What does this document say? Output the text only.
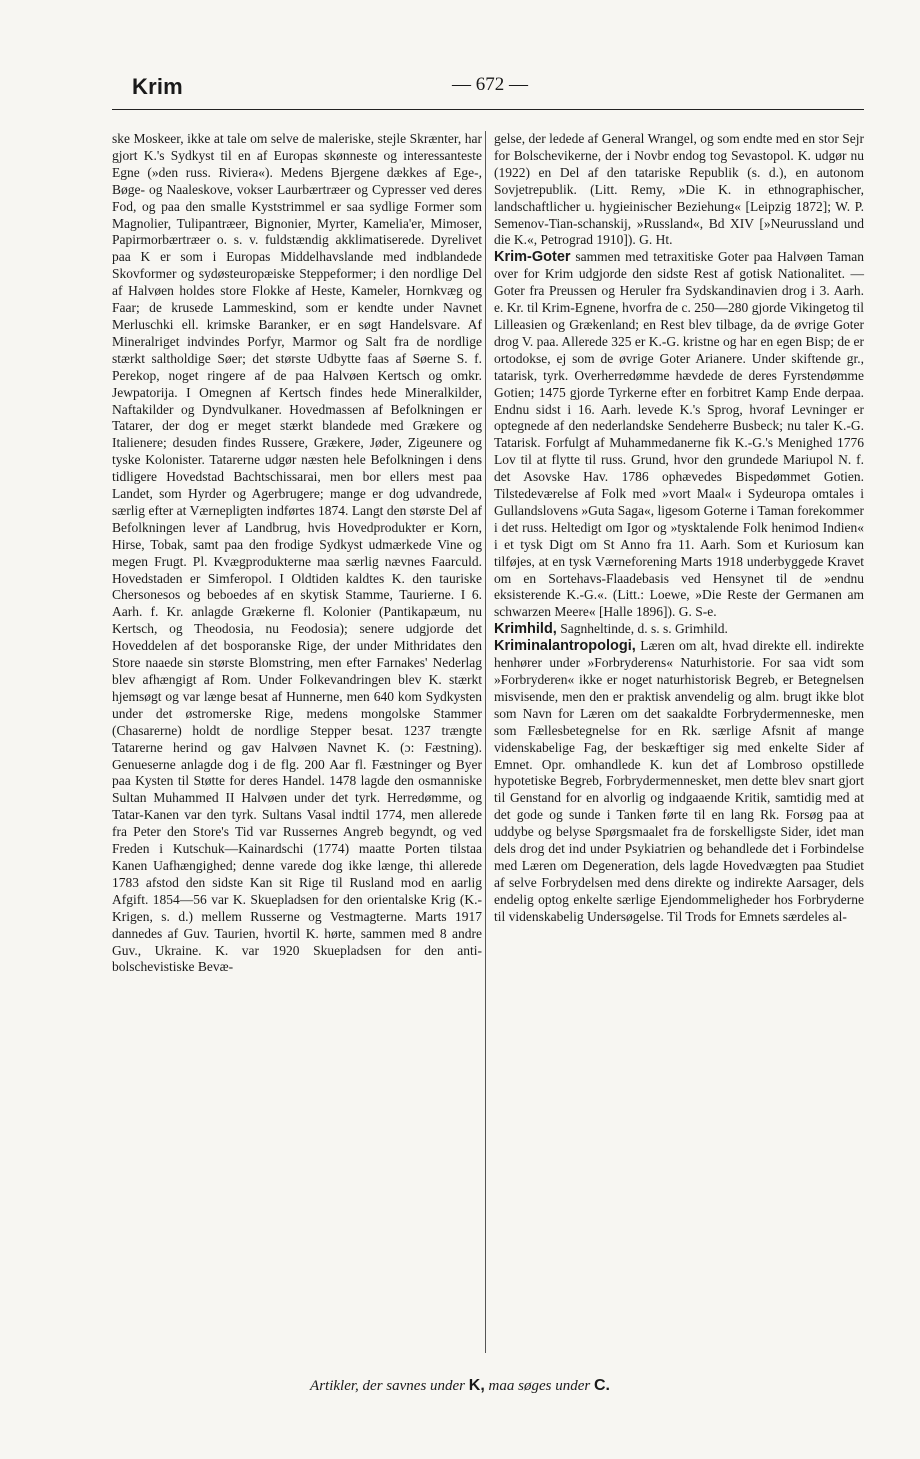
Krim	— 672 —

ske Moskeer, ikke at tale om selve de maleriske, stejle Skrænter, har gjort K.'s Sydkyst til en af Europas skønneste og interessanteste Egne (»den russ. Riviera«). Medens Bjergene dækkes af Ege-, Bøge- og Naaleskove, vokser Laurbærtræer og Cypresser ved deres Fod, og paa den smalle Kyststrimmel er saa sydlige Former som Magnolier, Tulipantræer, Bignonier, Myrter, Kamelia'er, Mimoser, Papirmorbærtræer o. s. v. fuldstændig akklimatiserede. Dyrelivet paa K er som i Europas Middelhavslande med indblandede Skovformer og sydøsteuropæiske Steppeformer; i den nordlige Del af Halvøen holdes store Flokke af Heste, Kameler, Hornkvæg og Faar; de krusede Lammeskind, som er kendte under Navnet Merluschki ell. krimske Baranker, er en søgt Handelsvare. Af Mineralriget indvindes Porfyr, Marmor og Salt fra de nordlige stærkt saltholdige Søer; det største Udbytte faas af Søerne S. f. Perekop, noget ringere af de paa Halvøen Kertsch og omkr. Jewpatorija. I Omegnen af Kertsch findes hede Mineralkilder, Naftakilder og Dyndvulkaner. Hovedmassen af Befolkningen er Tatarer, der dog er meget stærkt blandede med Grækere og Italienere; desuden findes Russere, Grækere, Jøder, Zigeunere og tyske Kolonister. Tatarerne udgør næsten hele Befolkningen i dens tidligere Hovedstad Bachtschissarai, men bor ellers mest paa Landet, som Hyrder og Agerbrugere; mange er dog udvandrede, særlig efter at Værnepligten indførtes 1874. Langt den største Del af Befolkningen lever af Landbrug, hvis Hovedprodukter er Korn, Hirse, Tobak, samt paa den frodige Sydkyst udmærkede Vine og megen Frugt. Pl. Kvægprodukterne maa særlig nævnes Faarculd. Hovedstaden er Simferopol. I Oldtiden kaldtes K. den tauriske Chersonesos og beboedes af en skytisk Stamme, Taurierne. I 6. Aarh. f. Kr. anlagde Grækerne fl. Kolonier (Pantikapæum, nu Kertsch, og Theodosia, nu Feodosia); senere udgjorde det Hoveddelen af det bosporanske Rige, der under Mithridates den Store naaede sin største Blomstring, men efter Farnakes' Nederlag blev afhængigt af Rom. Under Folkevandringen blev K. stærkt hjemsøgt og var længe besat af Hunnerne, men 640 kom Sydkysten under det østromerske Rige, medens mongolske Stammer (Chasarerne) holdt de nordlige Stepper besat. 1237 trængte Tatarerne herind og gav Halvøen Navnet K. (ɔ: Fæstning). Genueserne anlagde dog i de flg. 200 Aar fl. Fæstninger og Byer paa Kysten til Støtte for deres Handel. 1478 lagde den osmanniske Sultan Muhammed II Halvøen under det tyrk. Herredømme, og Tatar-Kanen var den tyrk. Sultans Vasal indtil 1774, men allerede fra Peter den Store's Tid var Russernes Angreb begyndt, og ved Freden i Kutschuk—Kainardschi (1774) maatte Porten tilstaa Kanen Uafhængighed; denne varede dog ikke længe, thi allerede 1783 afstod den sidste Kan sit Rige til Rusland mod en aarlig Afgift. 1854—56 var K. Skuepladsen for den orientalske Krig (K.-Krigen, s. d.) mellem Russerne og Vestmagterne. Marts 1917 dannedes af Guv. Taurien, hvortil K. hørte, sammen med 8 andre Guv., Ukraine. K. var 1920 Skuepladsen for den anti-bolschevistiske Bevæ-

gelse, der ledede af General Wrangel, og som endte med en stor Sejr for Bolschevikerne, der i Novbr endog tog Sevastopol. K. udgør nu (1922) en Del af den tatariske Republik (s. d.), en autonom Sovjetrepublik. (Litt. Remy, »Die K. in ethnographischer, landschaftlicher u. hygieinischer Beziehung« [Leipzig 1872]; W. P. Semenov-Tian-schanskij, »Russland«, Bd XIV [»Neurussland und die K.«, Petrograd 1910]). G. Ht.

Krim-Goter sammen med tetraxitiske Goter paa Halvøen Taman over for Krim udgjorde den sidste Rest af gotisk Nationalitet. — Goter fra Preussen og Heruler fra Sydskandinavien drog i 3. Aarh. e. Kr. til Krim-Egnene, hvorfra de c. 250—280 gjorde Vikingetog til Lilleasien og Grækenland; en Rest blev tilbage, da de øvrige Goter drog V. paa. Allerede 325 er K.-G. kristne og har en egen Bisp; de er ortodokse, ej som de øvrige Goter Arianere. Under skiftende gr., tatarisk, tyrk. Overherredømme hævdede de deres Fyrstendømme Gotien; 1475 gjorde Tyrkerne efter en forbitret Kamp Ende derpaa. Endnu sidst i 16. Aarh. levede K.'s Sprog, hvoraf Levninger er optegnede af den nederlandske Sendeherre Busbeck; nu taler K.-G. Tatarisk. Forfulgt af Muhammedanerne fik K.-G.'s Menighed 1776 Lov til at flytte til russ. Grund, hvor den grundede Mariupol N. f. det Asovske Hav. 1786 ophævedes Bispedømmet Gotien. Tilstedeværelse af Folk med »vort Maal« i Sydeuropa omtales i Gullandslovens »Guta Saga«, ligesom Goterne i Taman forekommer i det russ. Heltedigt om Igor og »tysktalende Folk henimod Indien« i et tysk Digt om St Anno fra 11. Aarh. Som et Kuriosum kan tilføjes, at en tysk Værneforening Marts 1918 underbyggede Kravet om en Sortehavs-Flaadebasis ved Hensynet til de »endnu eksisterende K.-G.«. (Litt.: Loewe, »Die Reste der Germanen am schwarzen Meere« [Halle 1896]). G. S-e.

Krimhild, Sagnheltinde, d. s. s. Grimhild.

Kriminalantropologi, Læren om alt, hvad direkte ell. indirekte henhører under »Forbryderens« Naturhistorie. For saa vidt som »Forbryderen« ikke er noget naturhistorisk Begreb, er Betegnelsen misvisende, men den er praktisk anvendelig og alm. brugt ikke blot som Navn for Læren om det saakaldte Forbrydermenneske, men som Fællesbetegnelse for en Rk. særlige Afsnit af mange videnskabelige Fag, der beskæftiger sig med enkelte Sider af Emnet. Opr. omhandlede K. kun det af Lombroso opstillede hypotetiske Begreb, Forbrydermennesket, men dette blev snart gjort til Genstand for en alvorlig og indgaaende Kritik, samtidig med at det gode og sunde i Tanken førte til en lang Rk. Forsøg paa at uddybe og belyse Spørgsmaalet fra de forskelligste Sider, idet man dels drog det ind under Psykiatrien og behandlede det i Forbindelse med Læren om Degeneration, dels lagde Hovedvægten paa Studiet af selve Forbrydelsen med dens direkte og indirekte Aarsager, dels endelig optog enkelte særlige Ejendommeligheder hos Forbryderne til videnskabelig Undersøgelse. Til Trods for Emnets særdeles al-

Artikler, der savnes under K, maa søges under C.
